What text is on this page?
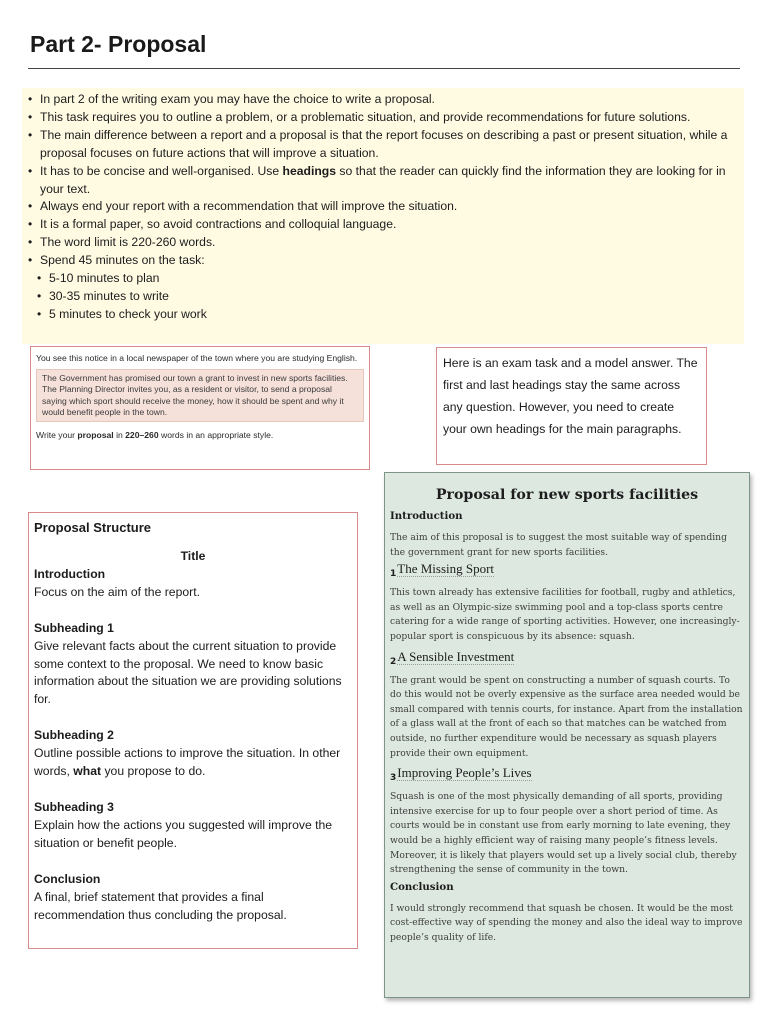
Part 2- Proposal
• In part 2 of the writing exam you may have the choice to write a proposal.
• This task requires you to outline a problem, or a problematic situation, and provide recommendations for future solutions.
• The main difference between a report and a proposal is that the report focuses on describing a past or present situation, while a proposal focuses on future actions that will improve a situation.
• It has to be concise and well-organised. Use headings so that the reader can quickly find the information they are looking for in your text.
• Always end your report with a recommendation that will improve the situation.
• It is a formal paper, so avoid contractions and colloquial language.
• The word limit is 220-260 words.
• Spend 45 minutes on the task:
• 5-10 minutes to plan
• 30-35 minutes to write
• 5 minutes to check your work

You see this notice in a local newspaper of the town where you are studying English.

The Government has promised our town a grant to invest in new sports facilities. The Planning Director invites you, as a resident or visitor, to send a proposal saying which sport should receive the money, how it should be spent and why it would benefit people in the town.

Write your proposal in 220–260 words in an appropriate style.

Here is an exam task and a model answer. The first and last headings stay the same across any question. However, you need to create your own headings for the main paragraphs.
Proposal Structure
Title
Introduction

Focus on the aim of the report.

Subheading 1

Give relevant facts about the current situation to provide some context to the proposal. We need to know basic information about the situation we are providing solutions for.

Subheading 2

Outline possible actions to improve the situation. In other words, what you propose to do.

Subheading 3

Explain how the actions you suggested will improve the situation or benefit people.

Conclusion

A final, brief statement that provides a final recommendation thus concluding the proposal.

Proposal for new sports facilities
Introduction

The aim of this proposal is to suggest the most suitable way of spending the government grant for new sports facilities.

$_1$The Missing Sport

This town already has extensive facilities for football, rugby and athletics, as well as an Olympic-size swimming pool and a top-class sports centre catering for a wide range of sporting activities. However, one increasingly-popular sport is conspicuous by its absence: squash.

$_2$A Sensible Investment

The grant would be spent on constructing a number of squash courts. To do this would not be overly expensive as the surface area needed would be small compared with tennis courts, for instance. Apart from the installation of a glass wall at the front of each so that matches can be watched from outside, no further expenditure would be necessary as squash players provide their own equipment.

$_3$Improving People’s Lives

Squash is one of the most physically demanding of all sports, providing intensive exercise for up to four people over a short period of time. As courts would be in constant use from early morning to late evening, they would be a highly efficient way of raising many people’s fitness levels. Moreover, it is likely that players would set up a lively social club, thereby strengthening the sense of community in the town.

Conclusion

I would strongly recommend that squash be chosen. It would be the most cost-effective way of spending the money and also the ideal way to improve people’s quality of life.
